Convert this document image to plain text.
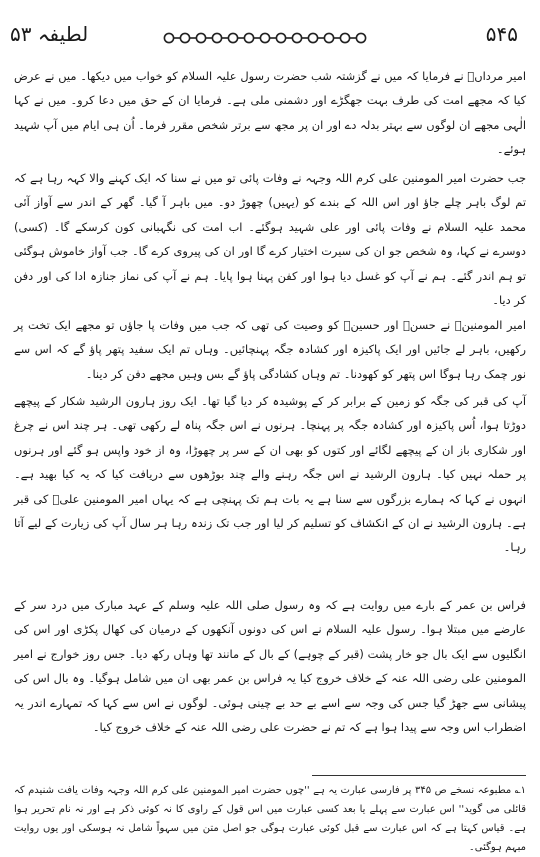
لطیفہ ۵۳	۵۴۵

امیر مرداںؓ نے فرمایا کہ میں نے گزشتہ شب حضرت رسول علیہ السلام کو خواب میں دیکھا۔ میں نے عرض کیا کہ مجھے امت کی طرف بہت جھگڑے اور دشمنی ملی ہے۔ فرمایا ان کے حق میں دعا کرو۔ میں نے کہا الٰہی مجھے ان لوگوں سے بہتر بدلہ دے اور ان پر مجھ سے برتر شخص مقرر فرما۔ اُن ہی ایام میں آپ شہید ہوئے۔

جب حضرت امیر المومنین علی کرم اللہ وجہہ نے وفات پائی تو میں نے سنا کہ ایک کہنے والا کہہ رہا ہے کہ تم لوگ باہر چلے جاؤ اور اس اللہ کے بندے کو (یہیں) چھوڑ دو۔ میں باہر آ گیا۔ گھر کے اندر سے آواز آئی محمد علیہ السلام نے وفات پائی اور علی شہید ہوگئے۔ اب امت کی نگہبانی کون کرسکے گا۔ (کسی) دوسرے نے کہا، وہ شخص جو ان کی سیرت اختیار کرے گا اور ان کی پیروی کرے گا۔ جب آواز خاموش ہوگئی تو ہم اندر گئے۔ ہم نے آپ کو غسل دیا ہوا اور کفن پہنا ہوا پایا۔ ہم نے آپ کی نماز جنازہ ادا کی اور دفن کر دیا۔

امیر المومنینؓ نے حسنؓ اور حسینؓ کو وصیت کی تھی کہ جب میں وفات پا جاؤں تو مجھے ایک تخت پر رکھیں، باہر لے جائیں اور ایک پاکیزہ اور کشادہ جگہ پہنچائیں۔ وہاں تم ایک سفید پتھر پاؤ گے کہ اس سے نور چمک رہا ہوگا اس پتھر کو کھودنا۔ تم وہاں کشادگی پاؤ گے بس وہیں مجھے دفن کر دینا۔

آپ کی قبر کی جگہ کو زمین کے برابر کر کے پوشیدہ کر دیا گیا تھا۔ ایک روز ہارون الرشید شکار کے پیچھے دوڑتا ہوا، اُس پاکیزہ اور کشادہ جگہ پر پہنچا۔ ہرنوں نے اس جگہ پناہ لے رکھی تھی۔ ہر چند اس نے چرغ اور شکاری باز ان کے پیچھے لگائے اور کتوں کو بھی ان کے سر پر چھوڑا، وہ از خود واپس ہو گئے اور ہرنوں پر حملہ نہیں کیا۔ ہارون الرشید نے اس جگہ رہنے والے چند بوڑھوں سے دریافت کیا کہ یہ کیا بھید ہے۔ انہوں نے کہا کہ ہمارے بزرگوں سے سنا ہے یہ بات ہم تک پہنچی ہے کہ یہاں امیر المومنین علیؓ کی قبر ہے۔ ہارون الرشید نے ان کے انکشاف کو تسلیم کر لیا اور جب تک زندہ رہا ہر سال آپ کی زیارت کے لیے آتا رہا۔

فراس بن عمر کے بارے میں روایت ہے کہ وہ رسول صلی اللہ علیہ وسلم کے عہد مبارک میں درد سر کے عارضے میں مبتلا ہوا۔ رسول علیہ السلام نے اس کی دونوں آنکھوں کے درمیان کی کھال پکڑی اور اس کی انگلیوں سے ایک بال جو خار پشت (قبر کے چوہے) کے بال کے مانند تھا وہاں رکھ دیا۔ جس روز خوارج نے امیر المومنین علی رضی اللہ عنہ کے خلاف خروج کیا یہ فراس بن عمر بھی ان میں شامل ہوگیا۔ وہ بال اس کی پیشانی سے جھڑ گیا جس کی وجہ سے اسے بے حد بے چینی ہوئی۔ لوگوں نے اس سے کہا کہ تمہارے اندر یہ اضطراب اس وجہ سے پیدا ہوا ہے کہ تم نے حضرت علی رضی اللہ عنہ کے خلاف خروج کیا۔

۱؎ مطبوعہ نسخے ص ۳۴۵ پر فارسی عبارت یہ ہے ''چوں حضرت امیر المومنین علی کرم اللہ وجہہ وفات یافت شنیدم کہ قائلی می گوید'' اس عبارت سے پہلے یا بعد کسی عبارت میں اس قول کے راوی کا نہ کوئی ذکر ہے اور نہ نام تحریر ہوا ہے۔ قیاس کہتا ہے کہ اس عبارت سے قبل کوئی عبارت ہوگی جو اصل متن میں سہواً شامل نہ ہوسکی اور یوں روایت مبہم ہوگئی۔
